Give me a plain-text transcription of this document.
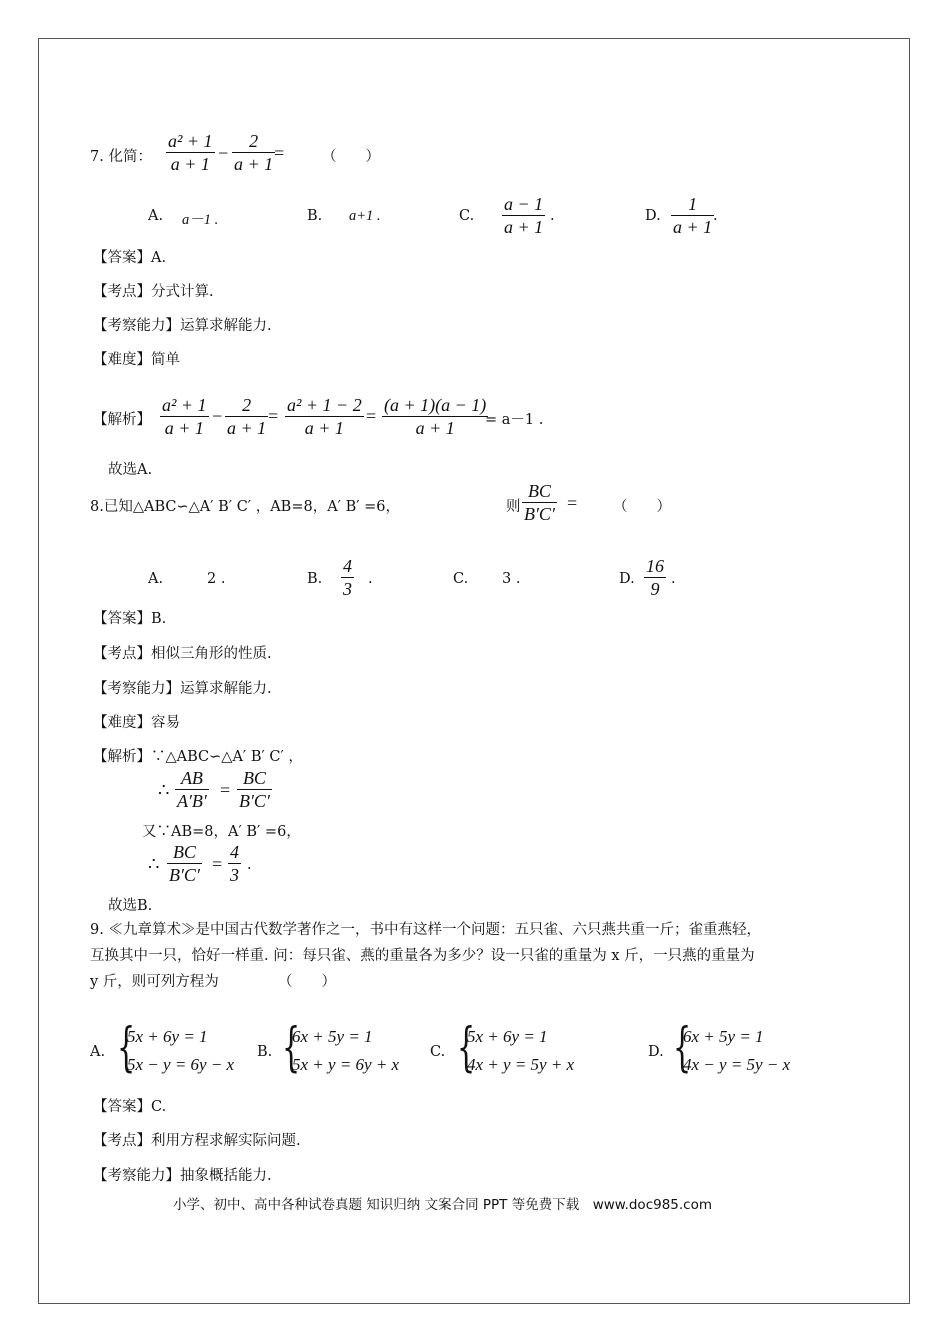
7. 化简：
a² + 1
a + 1
−
2
a + 1
=	（　　）
A. a－1 .	B. a+1 .	C.
a − 1
a + 1
.	D.
1
a + 1
.
【答案】A.
【考点】分式计算.
【考察能力】运算求解能力.
【难度】简单
【解析】
a² + 1
a + 1
−
2
a + 1
=
a² + 1 − 2
a + 1
=
(a + 1)(a − 1)
a + 1 = a－1 .
故选A.
8.已知△ABC∽△A′ B′ C′ ，AB=8，A′ B′ =6，	则
BC
B′C′
= （　　）
A.	2 .	B.
4
3 .	C. 3 .	D.
16
9 .
【答案】B.
【考点】相似三角形的性质.
【考察能力】运算求解能力.
【难度】容易
【解析】∵△ABC∽△A′ B′ C′ ，
∴
AB
A′B′
=
BC
B′C′
又∵AB=8，A′ B′ =6，
∴
BC
B′C′
=
4
3 .
故选B.
9. ≪九章算术≫是中国古代数学著作之一，书中有这样一个问题：五只雀、六只燕共重一斤；雀重燕轻，
互换其中一只，恰好一样重. 问：每只雀、燕的重量各为多少？设一只雀的重量为 x 斤，一只燕的重量为
y 斤，则可列方程为	（　　）
A. {
5x + 6y = 1
5x − y = 6y − x
B. {
6x + 5y = 1
5x + y = 6y + x
C. {
5x + 6y = 1
4x + y = 5y + x
D. {
6x + 5y = 1
4x − y = 5y − x
【答案】C.
【考点】利用方程求解实际问题.
【考察能力】抽象概括能力.
小学、初中、高中各种试卷真题 知识归纳 文案合同 PPT 等免费下载　www.doc985.com
